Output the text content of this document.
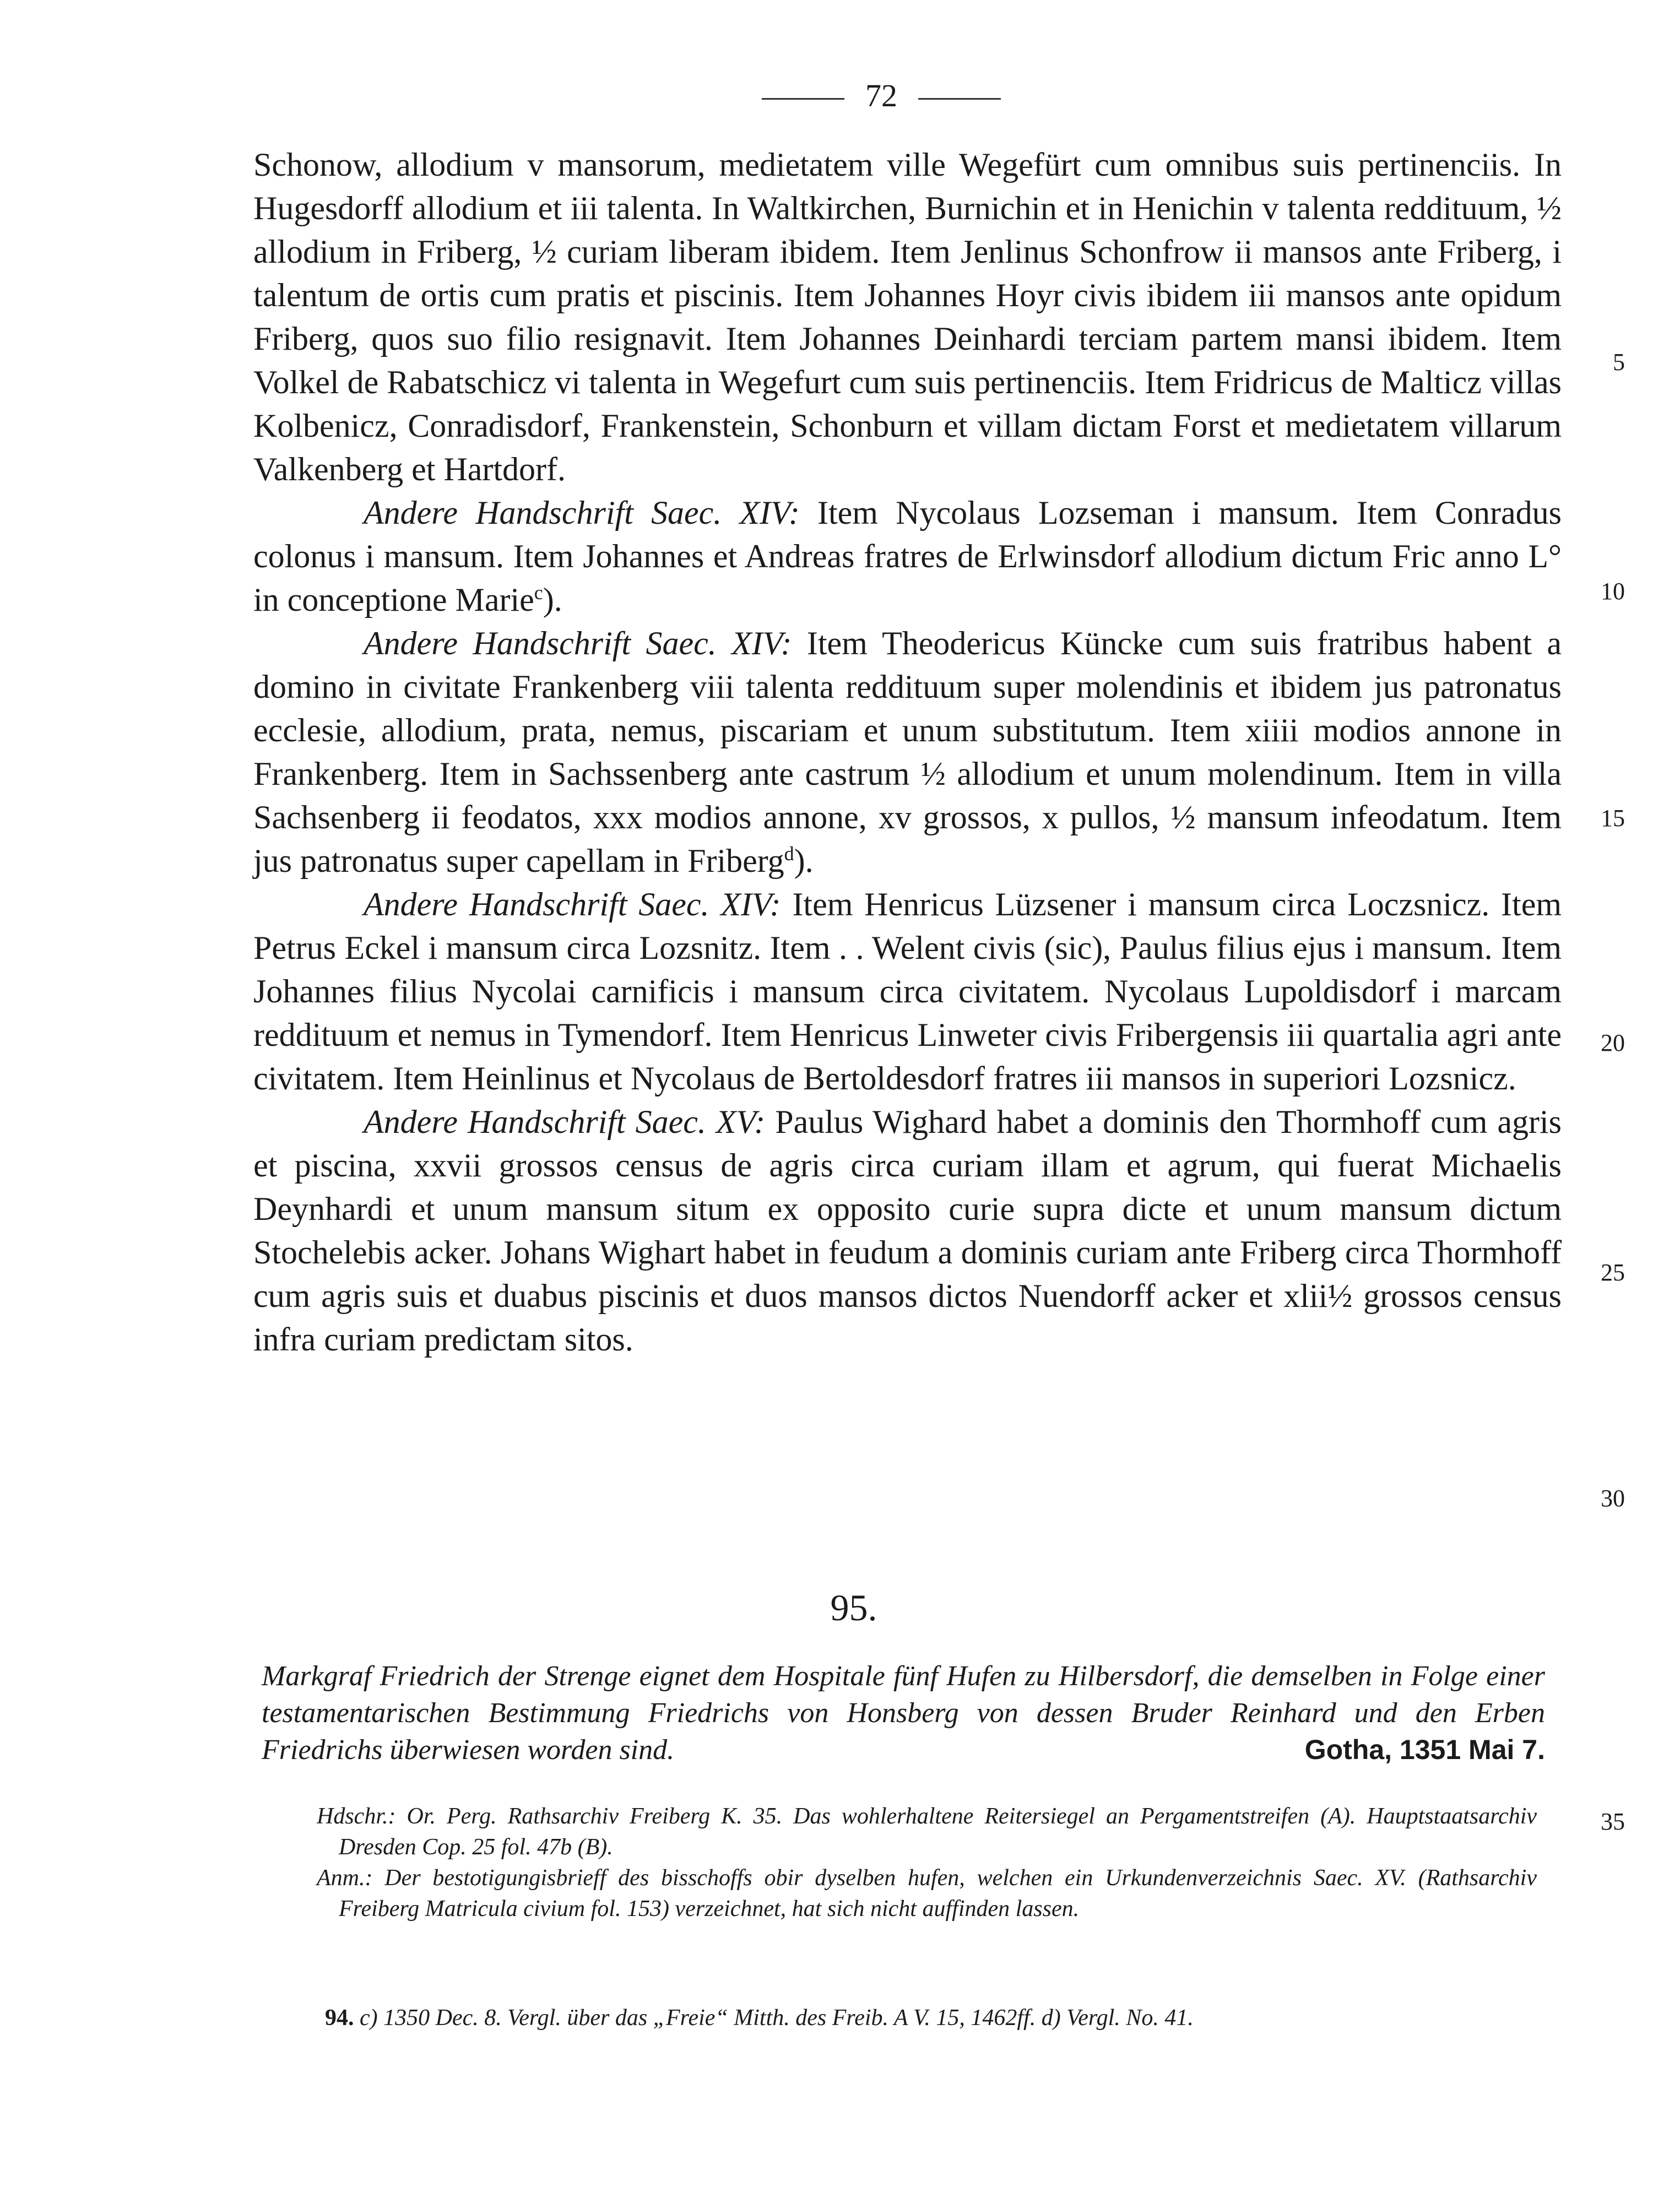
72

Schonow, allodium v mansorum, medietatem ville Wegefürt cum omnibus suis pertinenciis. In Hugesdorff allodium et iii talenta. In Waltkirchen, Burnichin et in Henichin v talenta reddituum, ½ allodium in Friberg, ½ curiam liberam ibidem. Item Jenlinus Schonfrow ii mansos ante Friberg, i talentum de ortis cum pratis et piscinis. Item Johannes Hoyr civis ibidem iii mansos ante opidum Friberg, quos suo filio resignavit. Item Johannes Deinhardi terciam partem mansi ibidem. Item Volkel de Rabatschicz vi talenta in Wegefurt cum suis pertinenciis. Item Fridricus de Malticz villas Kolbenicz, Conradisdorf, Frankenstein, Schonburn et villam dictam Forst et medietatem villarum Valkenberg et Hartdorf.

Andere Handschrift Saec. XIV: Item Nycolaus Lozseman i mansum. Item Conradus colonus i mansum. Item Johannes et Andreas fratres de Erlwinsdorf allodium dictum Fric anno L° in conceptione Marie$^c$).

Andere Handschrift Saec. XIV: Item Theodericus Küncke cum suis fratribus habent a domino in civitate Frankenberg viii talenta reddituum super molendinis et ibidem jus patronatus ecclesie, allodium, prata, nemus, piscariam et unum substitutum. Item xiiii modios annone in Frankenberg. Item in Sachssenberg ante castrum ½ allodium et unum molendinum. Item in villa Sachsenberg ii feodatos, xxx modios annone, xv grossos, x pullos, ½ mansum infeodatum. Item jus patronatus super capellam in Friberg$^d$).

Andere Handschrift Saec. XIV: Item Henricus Lüzsener i mansum circa Loczsnicz. Item Petrus Eckel i mansum circa Lozsnitz. Item . . Welent civis (sic), Paulus filius ejus i mansum. Item Johannes filius Nycolai carnificis i mansum circa civitatem. Nycolaus Lupoldisdorf i marcam reddituum et nemus in Tymendorf. Item Henricus Linweter civis Fribergensis iii quartalia agri ante civitatem. Item Heinlinus et Nycolaus de Bertoldesdorf fratres iii mansos in superiori Lozsnicz.

Andere Handschrift Saec. XV: Paulus Wighard habet a dominis den Thormhoff cum agris et piscina, xxvii grossos census de agris circa curiam illam et agrum, qui fuerat Michaelis Deynhardi et unum mansum situm ex opposito curie supra dicte et unum mansum dictum Stochelebis acker. Johans Wighart habet in feudum a dominis curiam ante Friberg circa Thormhoff cum agris suis et duabus piscinis et duos mansos dictos Nuendorff acker et xlii½ grossos census infra curiam predictam sitos.

5
10
15
20
25
30
35
95.
Markgraf Friedrich der Strenge eignet dem Hospitale fünf Hufen zu Hilbersdorf, die demselben in Folge einer testamentarischen Bestimmung Friedrichs von Honsberg von dessen Bruder Reinhard und den Erben Friedrichs überwiesen worden sind.	Gotha, 1351 Mai 7.

Hdschr.: Or. Perg. Rathsarchiv Freiberg K. 35. Das wohlerhaltene Reitersiegel an Pergamentstreifen (A). Hauptstaatsarchiv Dresden Cop. 25 fol. 47b (B).

Anm.: Der bestotigungisbrieff des bisschoffs obir dyselben hufen, welchen ein Urkundenverzeichnis Saec. XV. (Rathsarchiv Freiberg Matricula civium fol. 153) verzeichnet, hat sich nicht auffinden lassen.

94. c) 1350 Dec. 8. Vergl. über das „Freie“ Mitth. des Freib. A V. 15, 1462ff. d) Vergl. No. 41.
